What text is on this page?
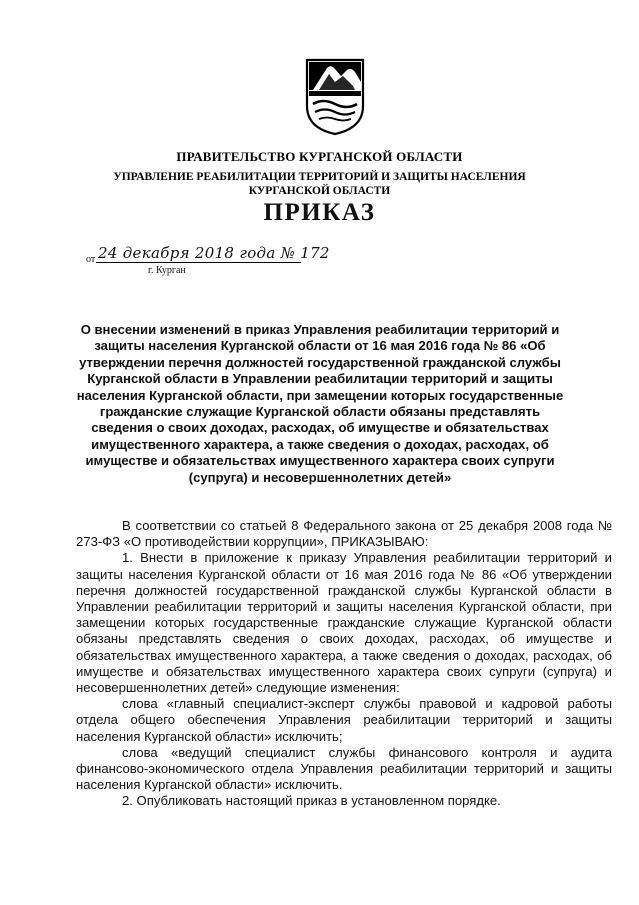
ПРАВИТЕЛЬСТВО КУРГАНСКОЙ ОБЛАСТИ
УПРАВЛЕНИЕ РЕАБИЛИТАЦИИ ТЕРРИТОРИЙ И ЗАЩИТЫ НАСЕЛЕНИЯ
КУРГАНСКОЙ ОБЛАСТИ
ПРИКАЗ
от 24 декабря 2018 года № 172
г. Курган
О внесении изменений в приказ Управления реабилитации территорий и защиты населения Курганской области от 16 мая 2016 года № 86 «Об утверждении перечня должностей государственной гражданской службы Курганской области в Управлении реабилитации территорий и защиты населения Курганской области, при замещении которых государственные гражданские служащие Курганской области обязаны представлять сведения о своих доходах, расходах, об имуществе и обязательствах имущественного характера, а также сведения о доходах, расходах, об имуществе и обязательствах имущественного характера своих супруги (супруга) и несовершеннолетних детей»

В соответствии со статьей 8 Федерального закона от 25 декабря 2008 года № 273-ФЗ «О противодействии коррупции», ПРИКАЗЫВАЮ:

1. Внести в приложение к приказу Управления реабилитации территорий и защиты населения Курганской области от 16 мая 2016 года № 86 «Об утверждении перечня должностей государственной гражданской службы Курганской области в Управлении реабилитации территорий и защиты населения Курганской области, при замещении которых государственные гражданские служащие Курганской области обязаны представлять сведения о своих доходах, расходах, об имуществе и обязательствах имущественного характера, а также сведения о доходах, расходах, об имуществе и обязательствах имущественного характера своих супруги (супруга) и несовершеннолетних детей» следующие изменения:

слова «главный специалист-эксперт службы правовой и кадровой работы отдела общего обеспечения Управления реабилитации территорий и защиты населения Курганской области» исключить;

слова «ведущий специалист службы финансового контроля и аудита финансово-экономического отдела Управления реабилитации территорий и защиты населения Курганской области» исключить.

2. Опубликовать настоящий приказ в установленном порядке.
